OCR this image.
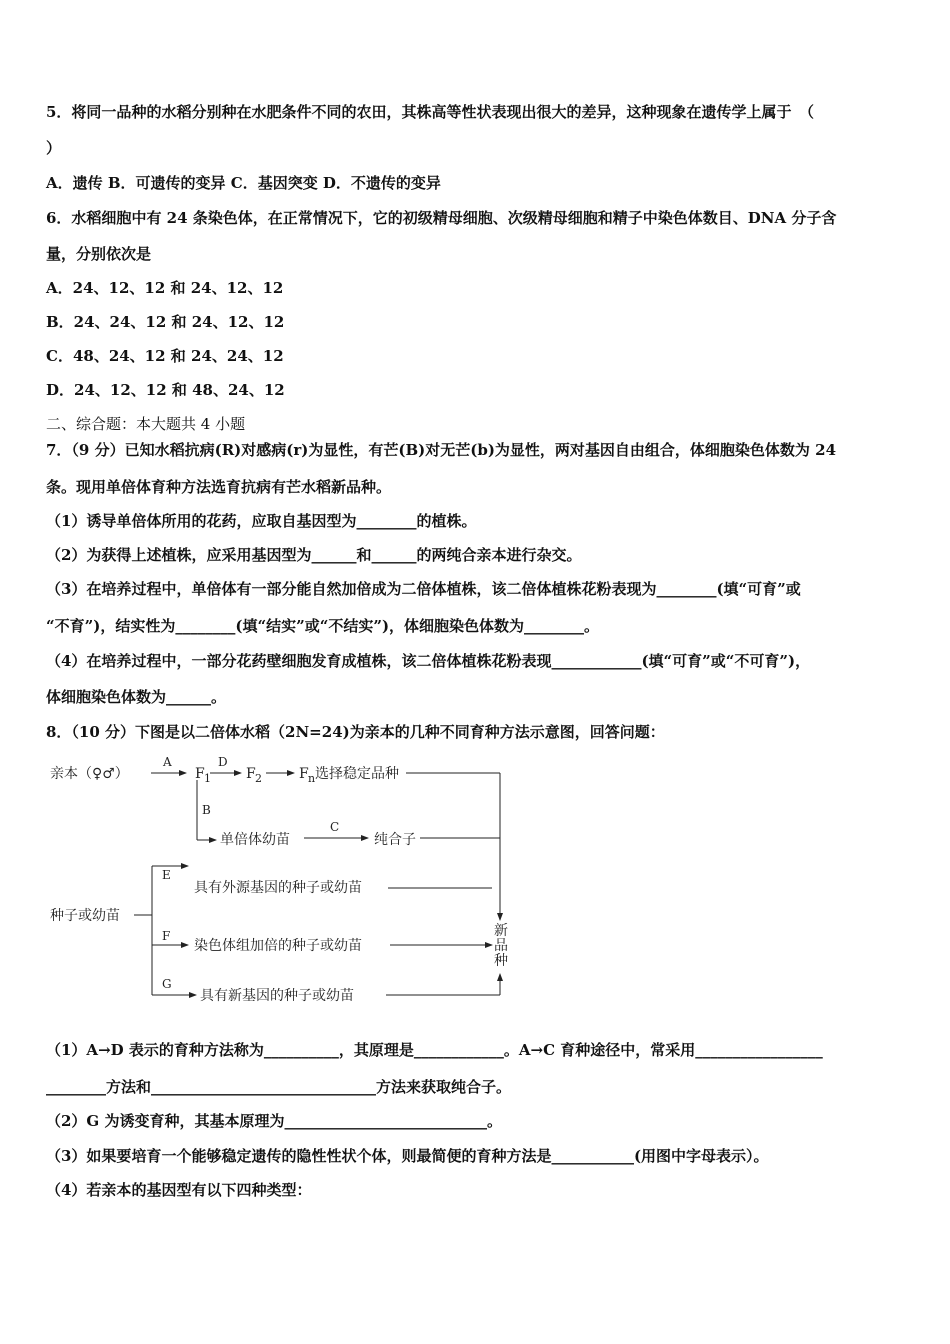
5．将同一品种的水稻分别种在水肥条件不同的农田，其株高等性状表现出很大的差异，这种现象在遗传学上属于　（
）
A．遗传 B．可遗传的变异 C．基因突变 D．不遗传的变异
6．水稻细胞中有 24 条染色体，在正常情况下，它的初级精母细胞、次级精母细胞和精子中染色体数目、DNA 分子含
量，分别依次是
A．24、12、12 和 24、12、12
B．24、24、12 和 24、12、12
C．48、24、12 和 24、24、12
D．24、12、12 和 48、24、12
二、综合题：本大题共 4 小题
7．（9 分）已知水稻抗病(R)对感病(r)为显性，有芒(B)对无芒(b)为显性，两对基因自由组合，体细胞染色体数为 24
条。现用单倍体育种方法选育抗病有芒水稻新品种。
（1）诱导单倍体所用的花药，应取自基因型为________的植株。
（2）为获得上述植株，应采用基因型为______和______的两纯合亲本进行杂交。
（3）在培养过程中，单倍体有一部分能自然加倍成为二倍体植株，该二倍体植株花粉表现为________(填“可育”或
“不育”)，结实性为________(填“结实”或“不结实”)，体细胞染色体数为________。
（4）在培养过程中，一部分花药壁细胞发育成植株，该二倍体植株花粉表现____________(填“可育”或“不可育”)，
体细胞染色体数为______。
8．（10 分）下图是以二倍体水稻（2N=24)为亲本的几种不同育种方法示意图，回答问题：
亲本（♀♂）
A
F 1
D
F 2	F n 选择稳定品种
B
单倍体幼苗
C
纯合子
种子或幼苗
E
具有外源基因的种子或幼苗
F
染色体组加倍的种子或幼苗
G
具有新基因的种子或幼苗
新
品
种
（1）A→D 表示的育种方法称为__________，其原理是____________。A→C 育种途径中，常采用_________________
________方法和______________________________方法来获取纯合子。
（2）G 为诱变育种，其基本原理为___________________________。
（3）如果要培育一个能够稳定遗传的隐性性状个体，则最简便的育种方法是___________(用图中字母表示）。
（4）若亲本的基因型有以下四种类型：
